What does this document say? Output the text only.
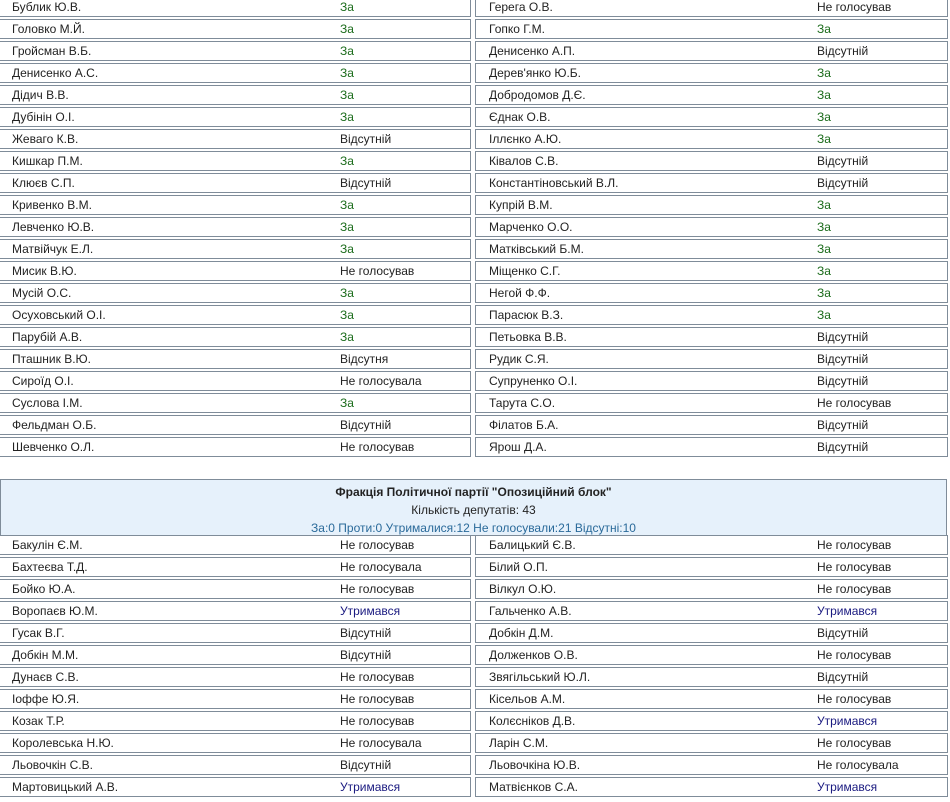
Бублик Ю.В.	За	Герега О.В.	Не голосував
Головко М.Й.	За	Гопко Г.М.	За
Гройсман В.Б.	За	Денисенко А.П.	Відсутній
Денисенко А.С.	За	Дерев'янко Ю.Б.	За
Дідич В.В.	За	Добродомов Д.Є.	За
Дубінін О.І.	За	Єднак О.В.	За
Жеваго К.В.	Відсутній	Іллєнко А.Ю.	За
Кишкар П.М.	За	Ківалов С.В.	Відсутній
Клюєв С.П.	Відсутній	Константіновський В.Л.	Відсутній
Кривенко В.М.	За	Купрій В.М.	За
Левченко Ю.В.	За	Марченко О.О.	За
Матвійчук Е.Л.	За	Матківський Б.М.	За
Мисик В.Ю.	Не голосував	Міщенко С.Г.	За
Мусій О.С.	За	Негой Ф.Ф.	За
Осуховський О.І.	За	Парасюк В.З.	За
Парубій А.В.	За	Петьовка В.В.	Відсутній
Пташник В.Ю.	Відсутня	Рудик С.Я.	Відсутній
Сироїд О.І.	Не голосувала	Супруненко О.І.	Відсутній
Суслова І.М.	За	Тарута С.О.	Не голосував
Фельдман О.Б.	Відсутній	Філатов Б.А.	Відсутній
Шевченко О.Л.	Не голосував	Ярош Д.А.	Відсутній
Фракція Політичної партії "Опозиційний блок"
Кількість депутатів: 43
За:0 Проти:0 Утрималися:12 Не голосували:21 Відсутні:10
Бакулін Є.М.	Не голосував	Балицький Є.В.	Не голосував
Бахтеєва Т.Д.	Не голосувала	Білий О.П.	Не голосував
Бойко Ю.А.	Не голосував	Вілкул О.Ю.	Не голосував
Воропаєв Ю.М.	Утримався	Гальченко А.В.	Утримався
Гусак В.Г.	Відсутній	Добкін Д.М.	Відсутній
Добкін М.М.	Відсутній	Долженков О.В.	Не голосував
Дунаєв С.В.	Не голосував	Звягільський Ю.Л.	Відсутній
Іоффе Ю.Я.	Не голосував	Кісельов А.М.	Не голосував
Козак Т.Р.	Не голосував	Колєсніков Д.В.	Утримався
Королевська Н.Ю.	Не голосувала	Ларін С.М.	Не голосував
Льовочкін С.В.	Відсутній	Льовочкіна Ю.В.	Не голосувала
Мартовицький А.В.	Утримався	Матвієнков С.А.	Утримався
